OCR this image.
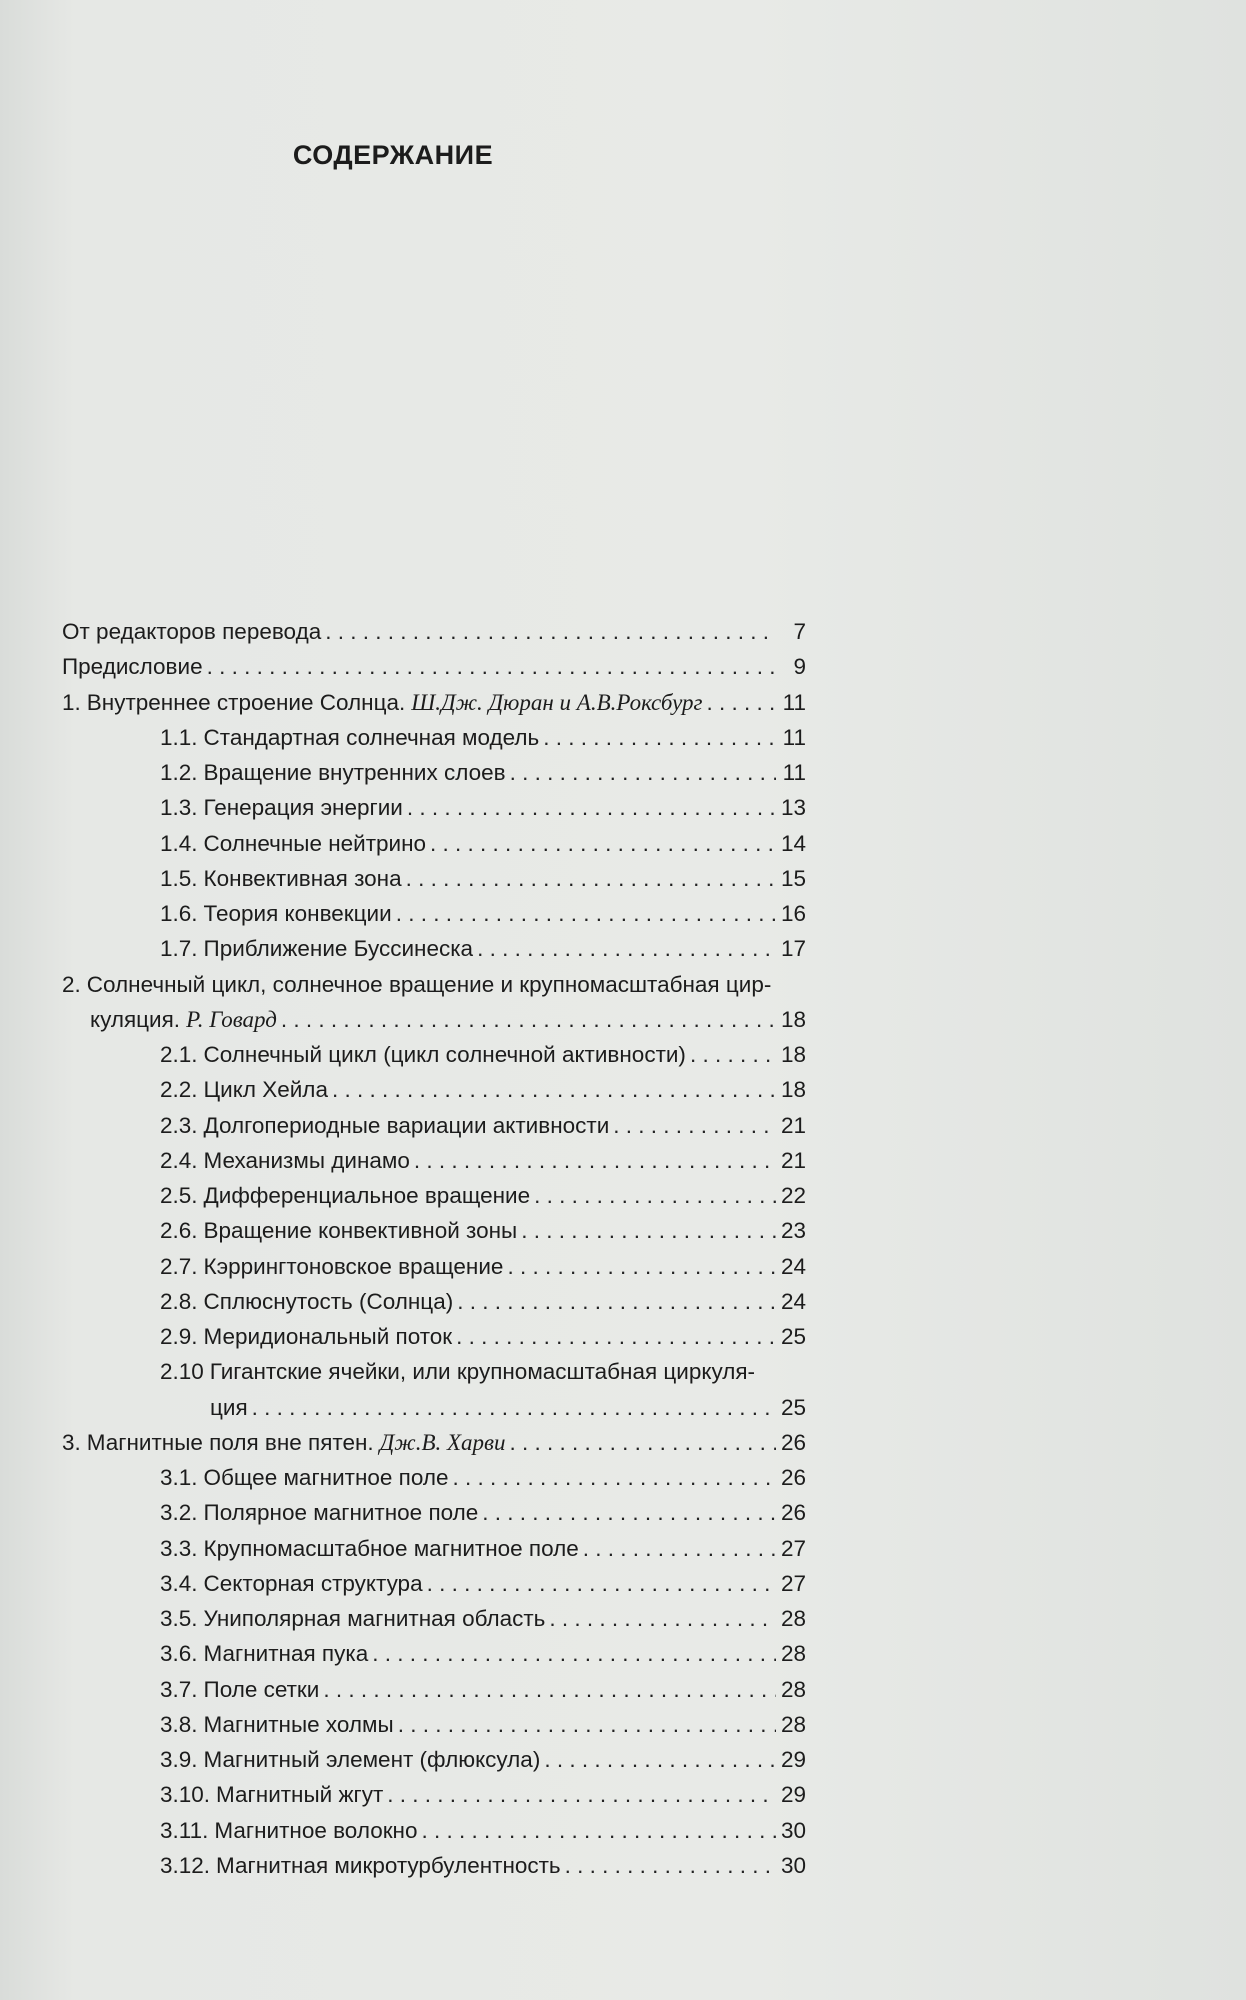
СОДЕРЖАНИЕ
От редакторов перевода . . .	7
Предисловие . . .	9
1. Внутреннее строение Солнца. Ш.Дж. Дюран и А.В.Роксбург . . .	11
1.1. Стандартная солнечная модель . . .	11
1.2. Вращение внутренних слоев . . .	11
1.3. Генерация энергии . . .	13
1.4. Солнечные нейтрино . . .	14
1.5. Конвективная зона . . .	15
1.6. Теория конвекции . . .	16
1.7. Приближение Буссинеска . . .	17
2. Солнечный цикл, солнечное вращение и крупномасштабная цир-
куляция. Р. Говард . . .	18
2.1. Солнечный цикл (цикл солнечной активности) . . .	18
2.2. Цикл Хейла . . .	18
2.3. Долгопериодные вариации активности . . .	21
2.4. Механизмы динамо . . .	21
2.5. Дифференциальное вращение . . .	22
2.6. Вращение конвективной зоны . . .	23
2.7. Кэррингтоновское вращение . . .	24
2.8. Сплюснутость (Солнца) . . .	24
2.9. Меридиональный поток . . .	25
2.10 Гигантские ячейки, или крупномасштабная циркуля-
ция . . .	25
3. Магнитные поля вне пятен. Дж.В. Харви . . .	26
3.1. Общее магнитное поле . . .	26
3.2. Полярное магнитное поле . . .	26
3.3. Крупномасштабное магнитное поле . . .	27
3.4. Секторная структура . . .	27
3.5. Униполярная магнитная область . . .	28
3.6. Магнитная пука . . .	28
3.7. Поле сетки . . .	28
3.8. Магнитные холмы . . .	28
3.9. Магнитный элемент (флюксула) . . .	29
3.10. Магнитный жгут . . .	29
3.11. Магнитное волокно . . .	30
3.12. Магнитная микротурбулентность . . .	30
